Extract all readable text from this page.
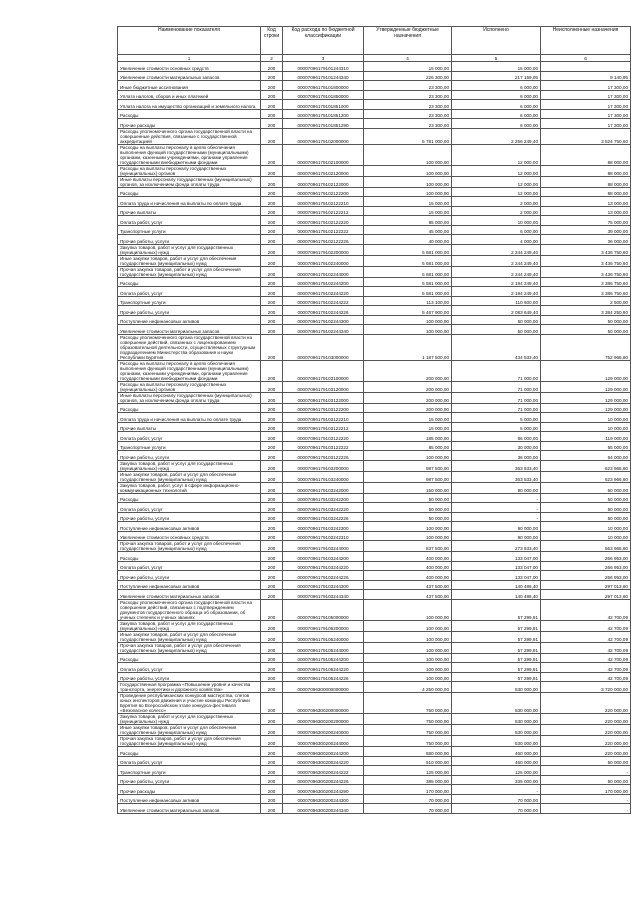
Наименование показателя	Код строки	Код расхода по бюджетной классификации	Утвержденные бюджетные назначения	Исполнено	Неисполненные назначения
1	2	3	4	5	6
Увеличение стоимости основных средств	200	00007096179101244310	15 000,00	15 000,00	
Увеличение стоимости материальных запасов	200	00007096179101244340	226 300,00	217 159,05	9 140,95
Иные бюджетные ассигнования	200	00007096179101800000	23 300,00	6 000,00	17 300,00
Уплата налогов, сборов и иных платежей	200	00007096179101850000	23 300,00	6 000,00	17 300,00
Уплата налога на имущество организаций и земельного налога	200	00007096179101851000	23 300,00	6 000,00	17 300,00
Расходы	200	00007096179101851200	23 300,00	6 000,00	17 300,00
Прочие расходы	200	00007096179101851290	23 300,00	6 000,00	17 300,00
Расходы уполномоченного органа государственной власти на совершенные действия, связанные с государственной аккредитацией	200	00007096179102000000	5 781 000,00	2 256 249,40	3 524 750,60
Расходы на выплаты персоналу в целях обеспечения выполнения функций государственными (муниципальными) органами, казенными учреждениями, органами управления государственными внебюджетными фондами	200	00007096179102100000	100 000,00	12 000,00	88 000,00
Расходы на выплаты персоналу государственных (муниципальных) органов	200	00007096179102120000	100 000,00	12 000,00	88 000,00
Иные выплаты персоналу государственных (муниципальных) органов, за исключением фонда оплаты труда	200	00007096179102122000	100 000,00	12 000,00	88 000,00
Расходы	200	00007096179102122200	100 000,00	12 000,00	88 000,00
Оплата труда и начисления на выплаты по оплате труда	200	00007096179102122210	15 000,00	2 000,00	13 000,00
Прочие выплаты	200	00007096179102122212	15 000,00	2 000,00	13 000,00
Оплата работ, услуг	200	00007096179102122220	85 000,00	10 000,00	75 000,00
Транспортные услуги	200	00007096179102122222	45 000,00	6 000,00	39 000,00
Прочие работы, услуги	200	00007096179102122226	40 000,00	4 000,00	36 000,00
Закупка товаров, работ и услуг для государственных (муниципальных) нужд	200	00007096179102200000	5 681 000,00	2 244 249,40	3 436 750,60
Иные закупки товаров, работ и услуг для обеспечения государственных (муниципальных) нужд	200	00007096179102240000	5 681 000,00	2 244 249,40	3 436 750,60
Прочая закупка товаров, работ и услуг для обеспечения государственных (муниципальных) нужд	200	00007096179102244000	5 681 000,00	2 244 249,40	3 436 750,60
Расходы	200	00007096179102244200	5 581 000,00	2 194 249,40	3 386 750,60
Оплата работ, услуг	200	00007096179102244220	5 581 000,00	2 194 249,40	3 386 750,60
Транспортные услуги	200	00007096179102244222	113 100,00	110 600,00	2 500,00
Прочие работы, услуги	200	00007096179102244226	5 467 900,00	2 083 649,40	3 384 250,60
Поступление нефинансовых активов	200	00007096179102244300	100 000,00	50 000,00	50 000,00
Увеличение стоимости материальных запасов	200	00007096179102244340	100 000,00	50 000,00	50 000,00
Расходы уполномоченного органа государственной власти на совершение действий, связанных с лицензированием образовательной деятельности, осуществляемых структурным подразделением Министерства образования и науки Республики Бурятия	200	00007096179103000000	1 187 500,00	434 533,40	752 966,60
Расходы на выплаты персоналу в целях обеспечения выполнения функций государственными (муниципальными) органами, казенными учреждениями, органами управления государственными внебюджетными фондами	200	00007096179103100000	200 000,00	71 000,00	129 000,00
Расходы на выплаты персоналу государственных (муниципальных) органов	200	00007096179103120000	200 000,00	71 000,00	129 000,00
Иные выплаты персоналу государственных (муниципальных) органов, за исключением фонда оплаты труда	200	00007096179103122000	200 000,00	71 000,00	129 000,00
Расходы	200	00007096179103122200	200 000,00	71 000,00	129 000,00
Оплата труда и начисления на выплаты по оплате труда	200	00007096179103122210	15 000,00	5 000,00	10 000,00
Прочие выплаты	200	00007096179103122212	15 000,00	5 000,00	10 000,00
Оплата работ, услуг	200	00007096179103122220	185 000,00	66 000,00	119 000,00
Транспортные услуги	200	00007096179103122222	85 000,00	30 000,00	55 000,00
Прочие работы, услуги	200	00007096179103122226	100 000,00	36 000,00	64 000,00
Закупка товаров, работ и услуг для государственных (муниципальных) нужд	200	00007096179103200000	987 500,00	363 533,40	623 966,60
Иные закупки товаров, работ и услуг для обеспечения государственных (муниципальных) нужд	200	00007096179103240000	987 500,00	363 533,40	623 966,60
Закупка товаров, работ, услуг в сфере информационно-коммуникационных технологий	200	00007096179103242000	150 000,00	90 000,00	60 000,00
Расходы	200	00007096179103242200	50 000,00	-	50 000,00
Оплата работ, услуг	200	00007096179103242220	50 000,00	-	50 000,00
Прочие работы, услуги	200	00007096179103242226	50 000,00	-	50 000,00
Поступление нефинансовых активов	200	00007096179103242300	100 000,00	90 000,00	10 000,00
Увеличение стоимости основных средств	200	00007096179103242310	100 000,00	90 000,00	10 000,00
Прочая закупка товаров, работ и услуг для обеспечения государственных (муниципальных) нужд	200	00007096179103244000	837 500,00	273 533,40	563 966,60
Расходы	200	00007096179103244200	400 000,00	133 047,00	266 953,00
Оплата работ, услуг	200	00007096179103244220	400 000,00	133 047,00	266 953,00
Прочие работы, услуги	200	00007096179103244226	400 000,00	133 047,00	266 953,00
Поступление нефинансовых активов	200	00007096179103244300	437 500,00	140 486,40	297 013,60
Увеличение стоимости материальных запасов	200	00007096179103244340	437 500,00	140 486,40	297 013,60
Расходы уполномоченного органа государственной власти на совершение действий, связанных с подтверждением документов государственного образца об образовании, об ученых степенях и ученых званиях	200	00007096179105000000	100 000,00	57 299,91	42 700,09
Закупка товаров, работ и услуг для государственных (муниципальных) нужд	200	00007096179105200000	100 000,00	57 299,91	42 700,09
Иные закупки товаров, работ и услуг для обеспечения государственных (муниципальных) нужд	200	00007096179105240000	100 000,00	57 299,91	42 700,09
Прочая закупка товаров, работ и услуг для обеспечения государственных (муниципальных) нужд	200	00007096179105244000	100 000,00	57 299,91	42 700,09
Расходы	200	00007096179105244200	100 000,00	57 299,91	42 700,09
Оплата работ, услуг	200	00007096179105244220	100 000,00	57 299,91	42 700,09
Прочие работы, услуги	200	00007096179105244226	100 000,00	57 299,91	42 700,09
Государственная программа «Повышение уровня и качества транспорта, энергетики и дорожного хозяйства»	200	00007096300000000000	4 250 000,00	530 000,00	3 720 000,00
Проведение республиканских конкурсов мастерства, слетов юных инспекторов движения и участие команды Республики Бурятия во Всероссийском этапе конкурса-фестиваля «Безопасное колесо»	200	00007096300200000000	750 000,00	530 000,00	220 000,00
Закупка товаров, работ и услуг для государственных (муниципальных) нужд	200	00007096300200200000	750 000,00	530 000,00	220 000,00
Иные закупки товаров, работ и услуг для обеспечения государственных (муниципальных) нужд	200	00007096300200240000	750 000,00	530 000,00	220 000,00
Прочая закупка товаров, работ и услуг для обеспечения государственных (муниципальных) нужд	200	00007096300200244000	750 000,00	530 000,00	220 000,00
Расходы	200	00007096300200244200	680 000,00	460 000,00	220 000,00
Оплата работ, услуг	200	00007096300200244220	510 000,00	460 000,00	50 000,00
Транспортные услуги	200	00007096300200244222	125 000,00	125 000,00	-
Прочие работы, услуги	200	00007096300200244226	385 000,00	335 000,00	50 000,00
Прочие расходы	200	00007096300200244290	170 000,00	-	170 000,00
Поступление нефинансовых активов	200	00007096300200244300	70 000,00	70 000,00	-
Увеличение стоимости материальных запасов	200	00007096300200244340	70 000,00	70 000,00	-
